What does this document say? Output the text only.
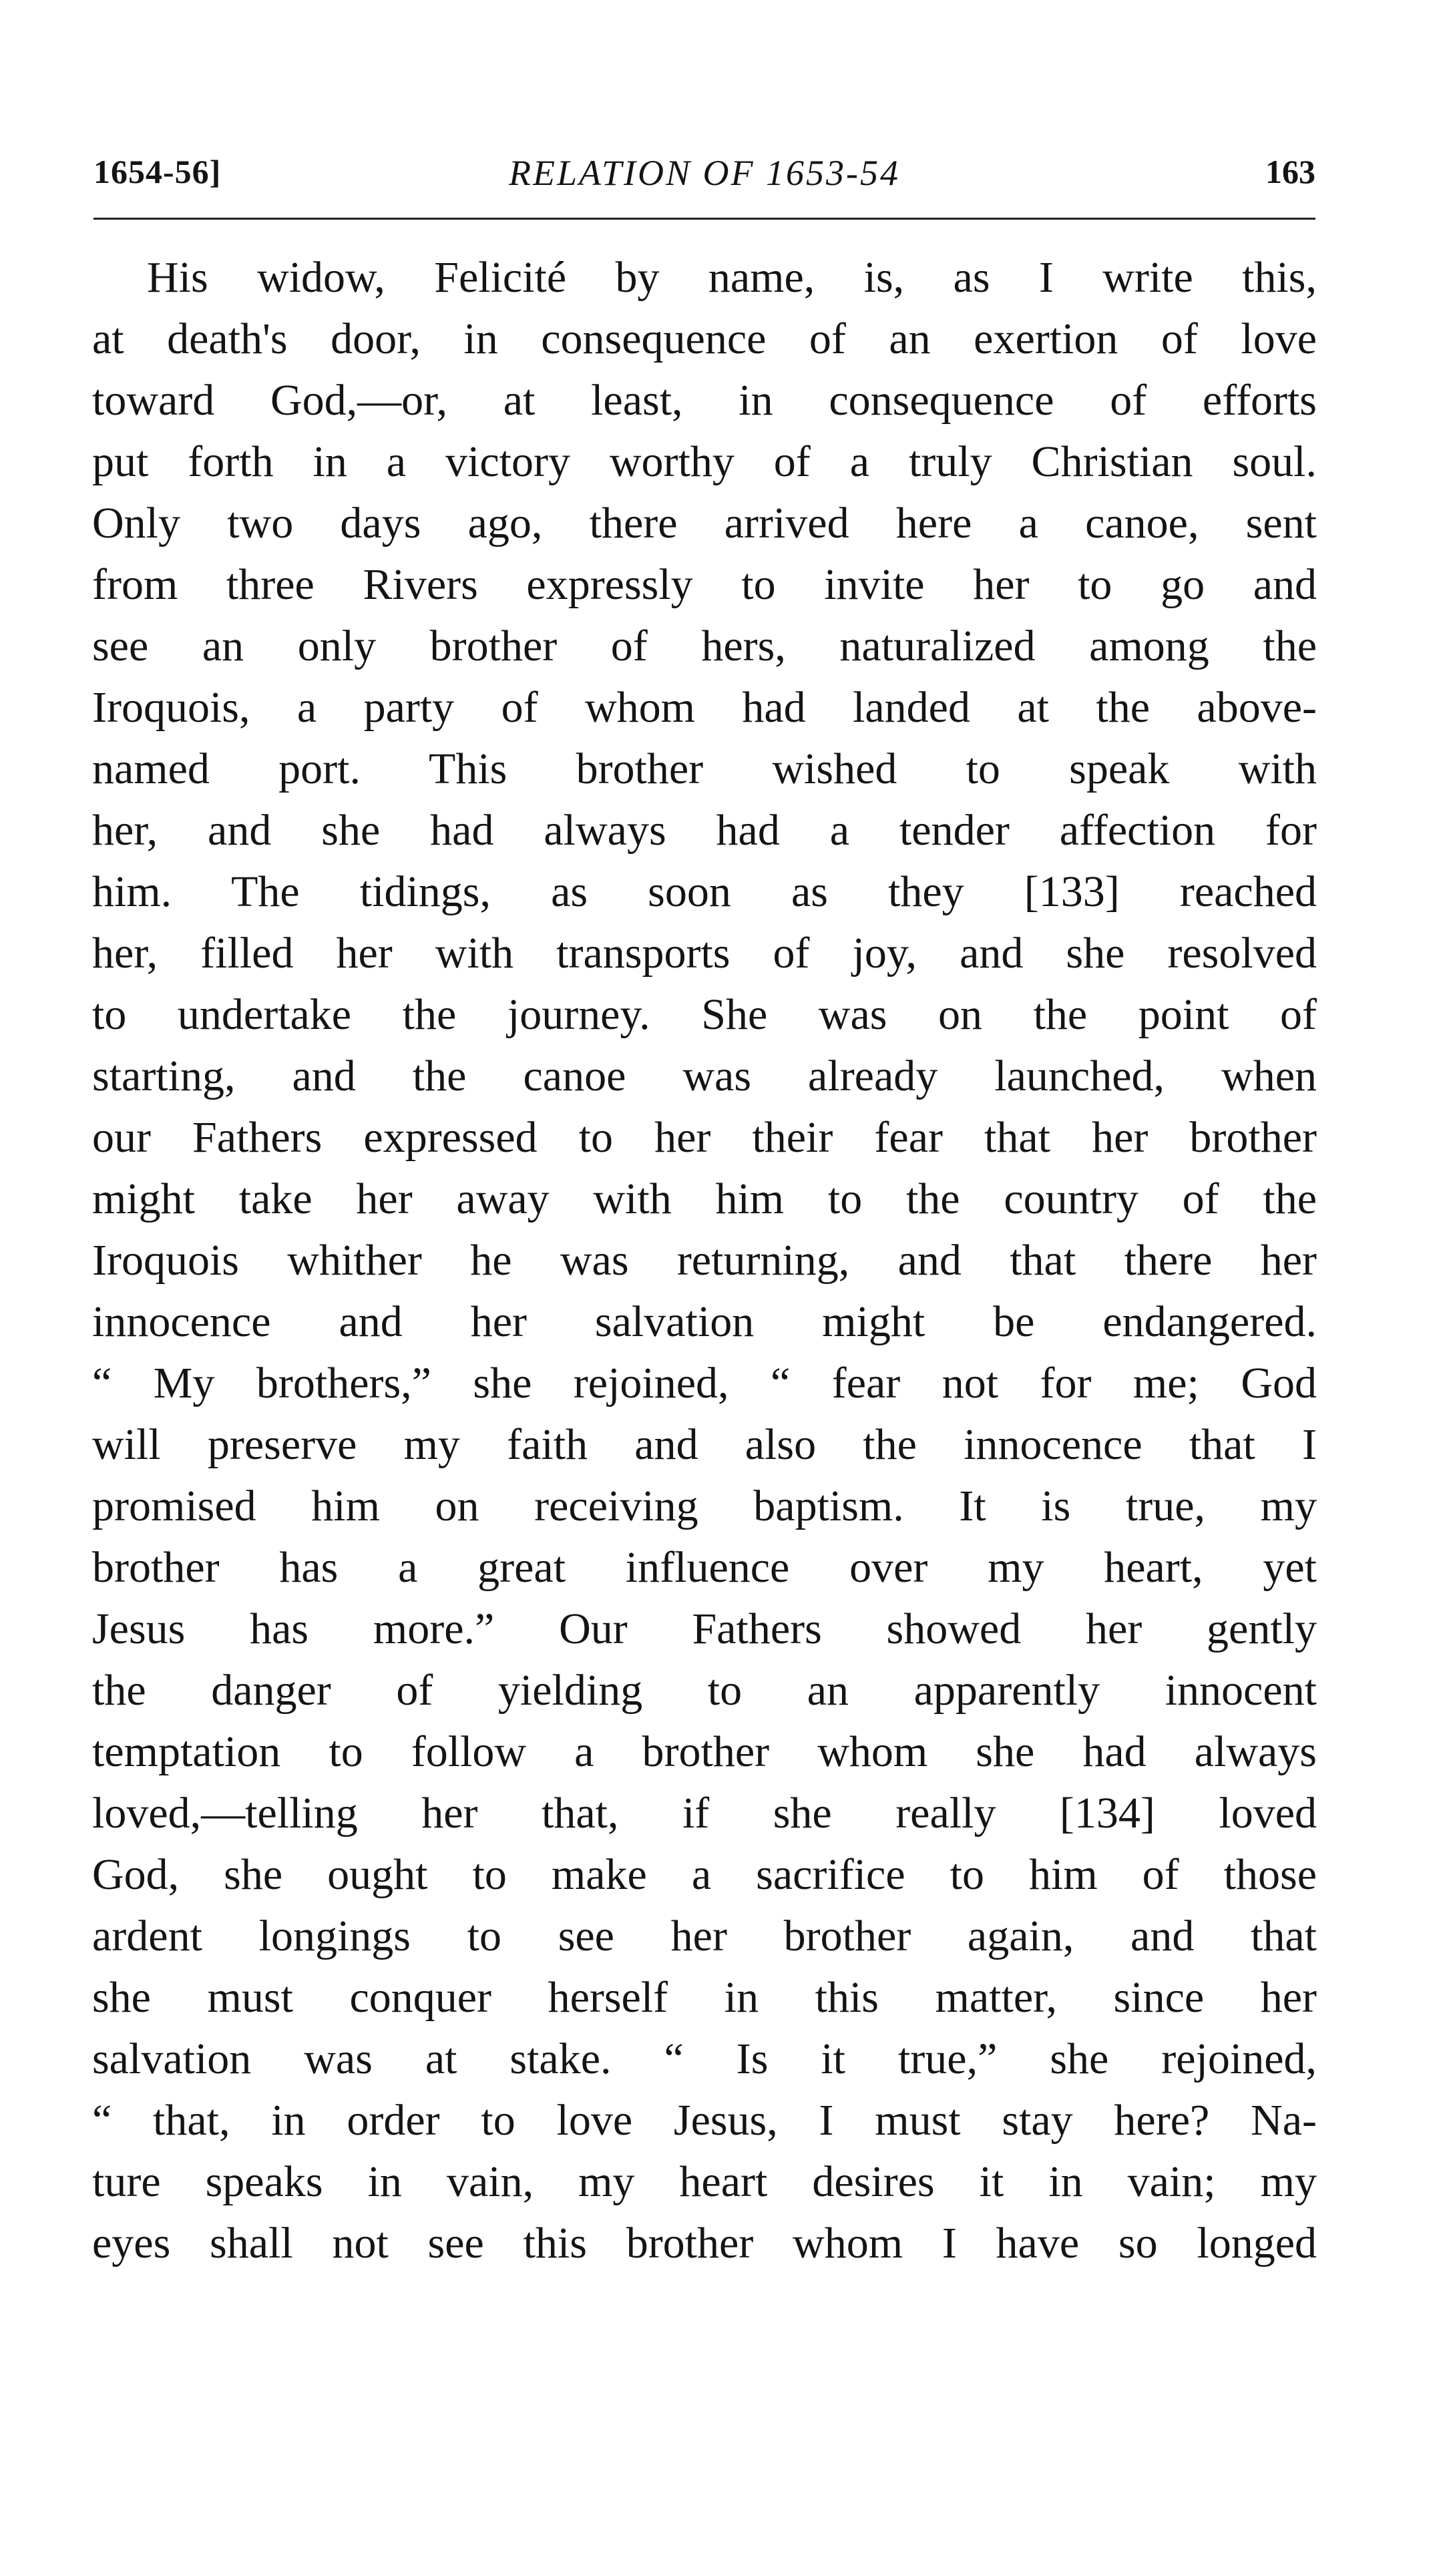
1654-56]	RELATION OF 1653-54	163
His widow, Felicité by name, is, as I write this,
at death's door, in consequence of an exertion of love
toward God,—or, at least, in consequence of efforts
put forth in a victory worthy of a truly Christian soul.
Only two days ago, there arrived here a canoe, sent
from three Rivers expressly to invite her to go and
see an only brother of hers, naturalized among the
Iroquois, a party of whom had landed at the above-
named port. This brother wished to speak with
her, and she had always had a tender affection for
him. The tidings, as soon as they [133] reached
her, filled her with transports of joy, and she resolved
to undertake the journey. She was on the point of
starting, and the canoe was already launched, when
our Fathers expressed to her their fear that her brother
might take her away with him to the country of the
Iroquois whither he was returning, and that there her
innocence and her salvation might be endangered.
“ My brothers,” she rejoined, “ fear not for me; God
will preserve my faith and also the innocence that I
promised him on receiving baptism. It is true, my
brother has a great influence over my heart, yet
Jesus has more.” Our Fathers showed her gently
the danger of yielding to an apparently innocent
temptation to follow a brother whom she had always
loved,—telling her that, if she really [134] loved
God, she ought to make a sacrifice to him of those
ardent longings to see her brother again, and that
she must conquer herself in this matter, since her
salvation was at stake. “ Is it true,” she rejoined,
“ that, in order to love Jesus, I must stay here? Na-
ture speaks in vain, my heart desires it in vain; my
eyes shall not see this brother whom I have so longed
